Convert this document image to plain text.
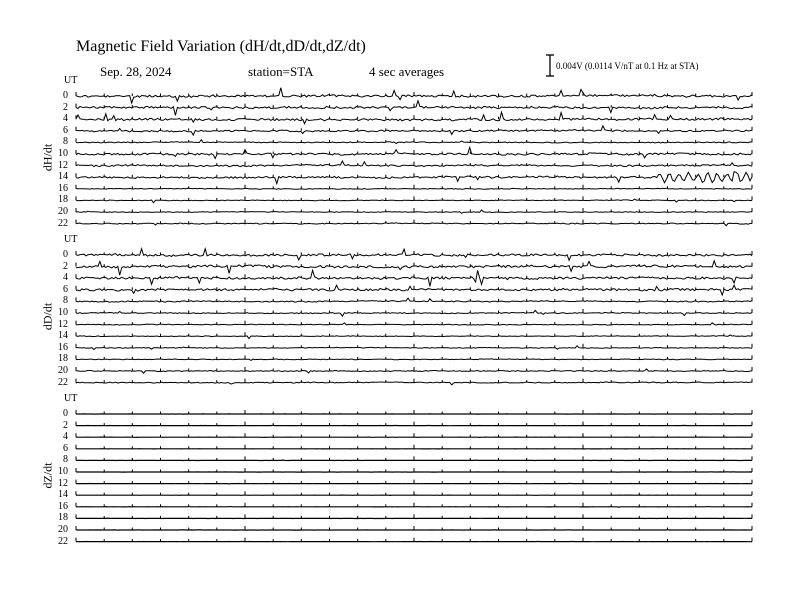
Magnetic Field Variation (dH/dt,dD/dt,dZ/dt)
Sep. 28, 2024	station=STA	4 sec averages	0.004V (0.0114 V/nT at 0.1 Hz at STA)
UT
dH/dt
0
2
4
6
8
10
12
14
16
18
20
22
UT
dD/dt
0
2
4
6
8
10
12
14
16
18
20
22
UT
dZ/dt
0
2
4
6
8
10
12
14
16
18
20
22
